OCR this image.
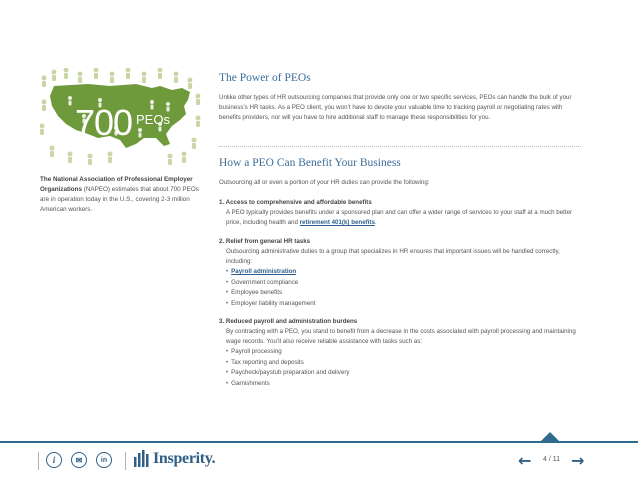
700 PEOs
The National Association of Professional Employer Organizations (NAPEO) estimates that about 700 PEOs are in operation today in the U.S., covering 2-3 million American workers.
The Power of PEOs
Unlike other types of HR outsourcing companies that provide only one or two specific services, PEOs can handle the bulk of your business’s HR tasks. As a PEO client, you won’t have to devote your valuable time to tracking payroll or negotiating rates with benefits providers, nor will you have to hire additional staff to manage these responsibilities for you.
How a PEO Can Benefit Your Business
Outsourcing all or even a portion of your HR duties can provide the following:
1. Access to comprehensive and affordable benefits
A PEO typically provides benefits under a sponsored plan and can offer a wider range of services to your staff at a much better price, including health and retirement 401(k) benefits.
2. Relief from general HR tasks
Outsourcing administrative duties to a group that specializes in HR ensures that important issues will be handled correctly, including:
• Payroll administration
• Government compliance
• Employee benefits
• Employer liability management
3. Reduced payroll and administration burdens
By contracting with a PEO, you stand to benefit from a decrease in the costs associated with payroll processing and maintaining wage records. You’ll also receive reliable assistance with tasks such as:
• Payroll processing
• Tax reporting and deposits
• Paycheck/paystub preparation and delivery
• Garnishments
i	✉	in	Insperity.	← 4 / 11 →
